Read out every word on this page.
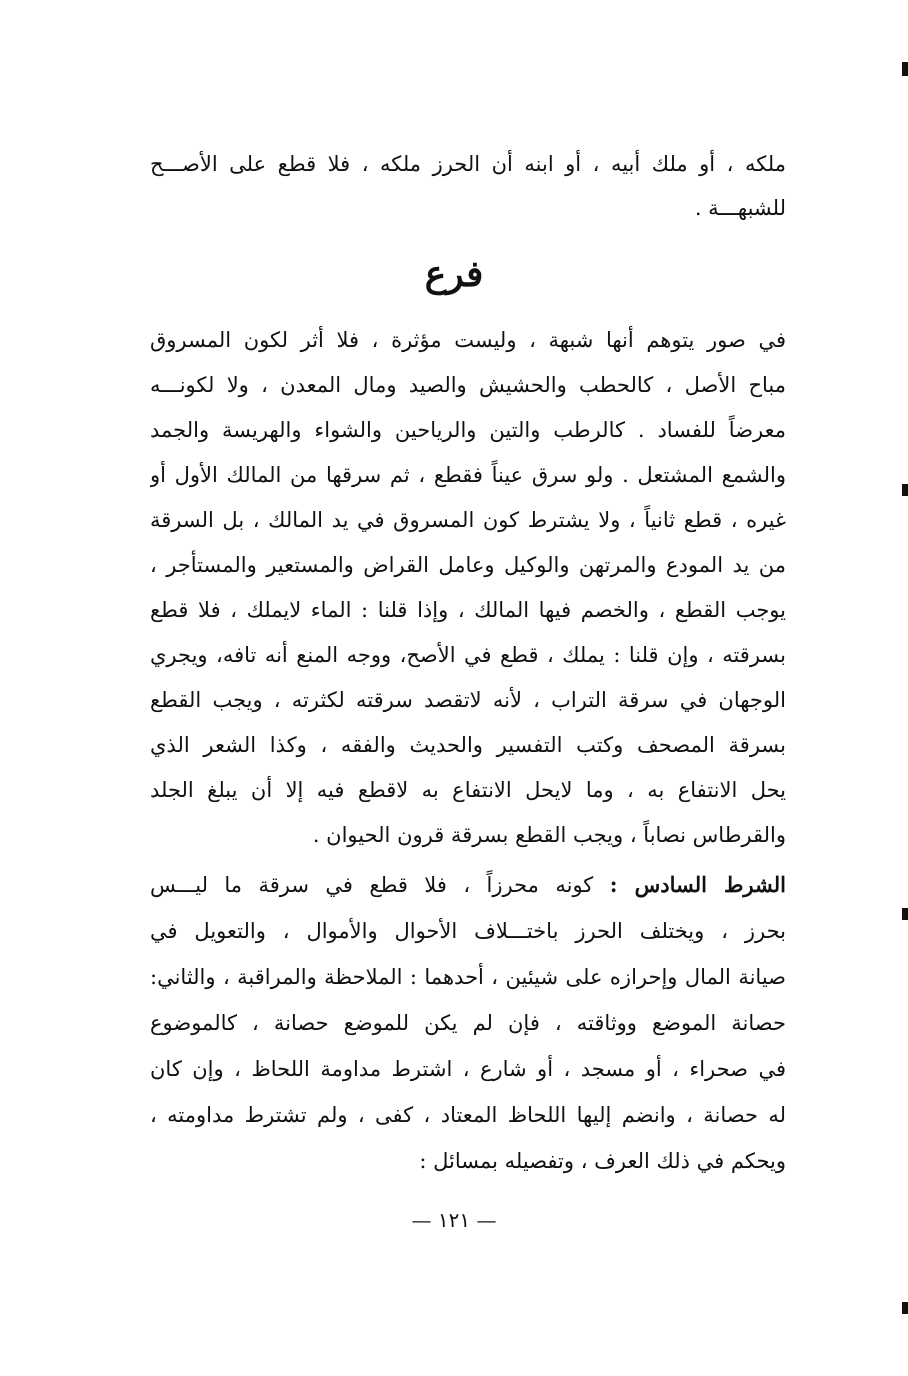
ملكه ، أو ملك أبيه ، أو ابنه أن الحرز ملكه ، فلا قطع على الأصـــح
للشبهـــة .
فرع
في صور يتوهم أنها شبهة ، وليست مؤثرة ، فلا أثر لكون المسروق
مباح الأصل ، كالحطب والحشيش والصيد ومال المعدن ، ولا لكونـــه
معرضاً للفساد . كالرطب والتين والرياحين والشواء والهريسة والجمد
والشمع المشتعل . ولو سرق عيناً فقطع ، ثم سرقها من المالك الأول أو
غيره ، قطع ثانياً ، ولا يشترط كون المسروق في يد المالك ، بل السرقة
من يد المودع والمرتهن والوكيل وعامل القراض والمستعير والمستأجر ،
يوجب القطع ، والخصم فيها المالك ، وإذا قلنا : الماء لايملك ، فلا قطع
بسرقته ، وإن قلنا : يملك ، قطع في الأصح، ووجه المنع أنه تافه، ويجري
الوجهان في سرقة التراب ، لأنه لاتقصد سرقته لكثرته ، ويجب القطع
بسرقة المصحف وكتب التفسير والحديث والفقه ، وكذا الشعر الذي
يحل الانتفاع به ، وما لايحل الانتفاع به لاقطع فيه إلا أن يبلغ الجلد
والقرطاس نصاباً ، ويجب القطع بسرقة قرون الحيوان .
الشرط السادس : كونه محرزاً ، فلا قطع في سرقة ما ليـــس
بحرز ، ويختلف الحرز باختـــلاف الأحوال والأموال ، والتعويل في
صيانة المال وإحرازه على شيئين ، أحدهما : الملاحظة والمراقبة ، والثاني:
حصانة الموضع ووثاقته ، فإن لم يكن للموضع حصانة ، كالموضوع
في صحراء ، أو مسجد ، أو شارع ، اشترط مداومة اللحاظ ، وإن كان
له حصانة ، وانضم إليها اللحاظ المعتاد ، كفى ، ولم تشترط مداومته ،
ويحكم في ذلك العرف ، وتفصيله بمسائل :
— ١٢١ —
